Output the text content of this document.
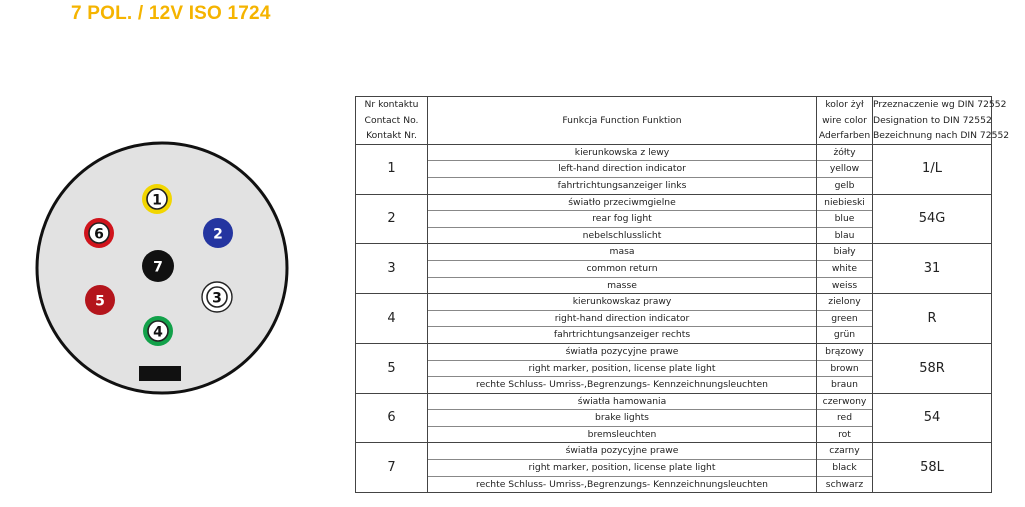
7 POL. / 12V ISO 1724
1
2
3
4
5
6
7
Nr kontaktu
Contact No.
Kontakt Nr.	Funkcja Function Funktion	kolor żył
wire color
Aderfarben	Przeznaczenie wg DIN 72552
Designation to DIN 72552
Bezeichnung nach DIN 72552

1	kierunkowska z lewy
left-hand direction indicator
fahrtrichtungsanzeiger links	żółty
yellow
gelb	1/L
2	światło przeciwmgielne
rear fog light
nebelschlusslicht	niebieski
blue
blau	54G
3	masa
common return
masse	biały
white
weiss	31
4	kierunkowskaz prawy
right-hand direction indicator
fahrtrichtungsanzeiger rechts	zielony
green
grün	R
5	światła pozycyjne prawe
right marker, position, license plate light
rechte Schluss- Umriss-,Begrenzungs- Kennzeichnungsleuchten	brązowy
brown
braun	58R
6	światła hamowania
brake lights
bremsleuchten	czerwony
red
rot	54
7	światła pozycyjne prawe
right marker, position, license plate light
rechte Schluss- Umriss-,Begrenzungs- Kennzeichnungsleuchten	czarny
black
schwarz	58L
